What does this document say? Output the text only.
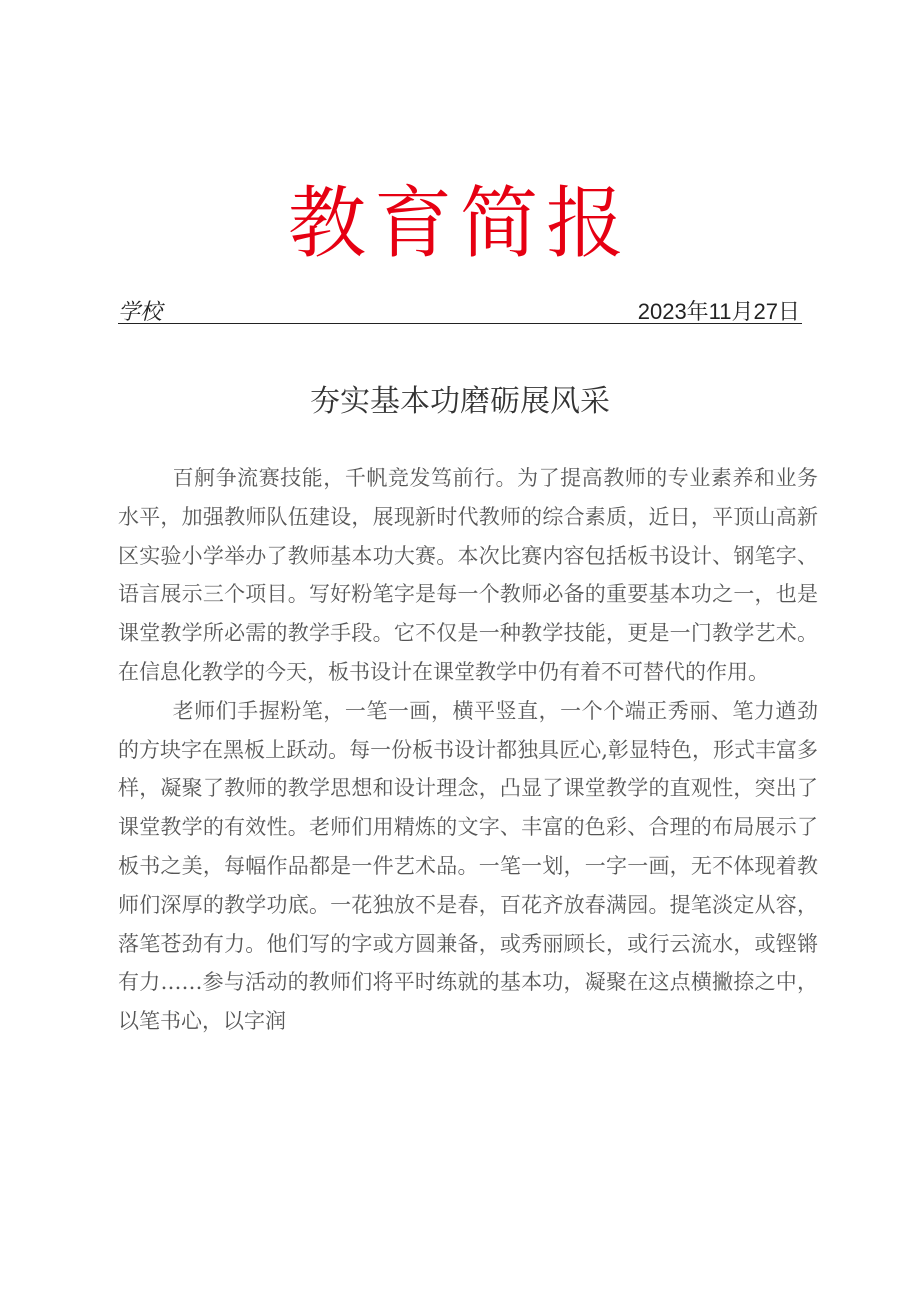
教育简报
学校	2023年11月27日
夯实基本功磨砺展风采

百舸争流赛技能，千帆竞发笃前行。为了提高教师的专业素养和业务水平，加强教师队伍建设，展现新时代教师的综合素质，近日，平顶山高新区实验小学举办了教师基本功大赛。本次比赛内容包括板书设计、钢笔字、语言展示三个项目。写好粉笔字是每一个教师必备的重要基本功之一，也是课堂教学所必需的教学手段。它不仅是一种教学技能，更是一门教学艺术。在信息化教学的今天，板书设计在课堂教学中仍有着不可替代的作用。

老师们手握粉笔，一笔一画，横平竖直，一个个端正秀丽、笔力遒劲的方块字在黑板上跃动。每一份板书设计都独具匠心,彰显特色，形式丰富多样，凝聚了教师的教学思想和设计理念，凸显了课堂教学的直观性，突出了课堂教学的有效性。老师们用精炼的文字、丰富的色彩、合理的布局展示了板书之美，每幅作品都是一件艺术品。一笔一划，一字一画，无不体现着教师们深厚的教学功底。一花独放不是春，百花齐放春满园。提笔淡定从容，落笔苍劲有力。他们写的字或方圆兼备，或秀丽顾长，或行云流水，或铿锵有力……参与活动的教师们将平时练就的基本功，凝聚在这点横撇捺之中，以笔书心，以字润
